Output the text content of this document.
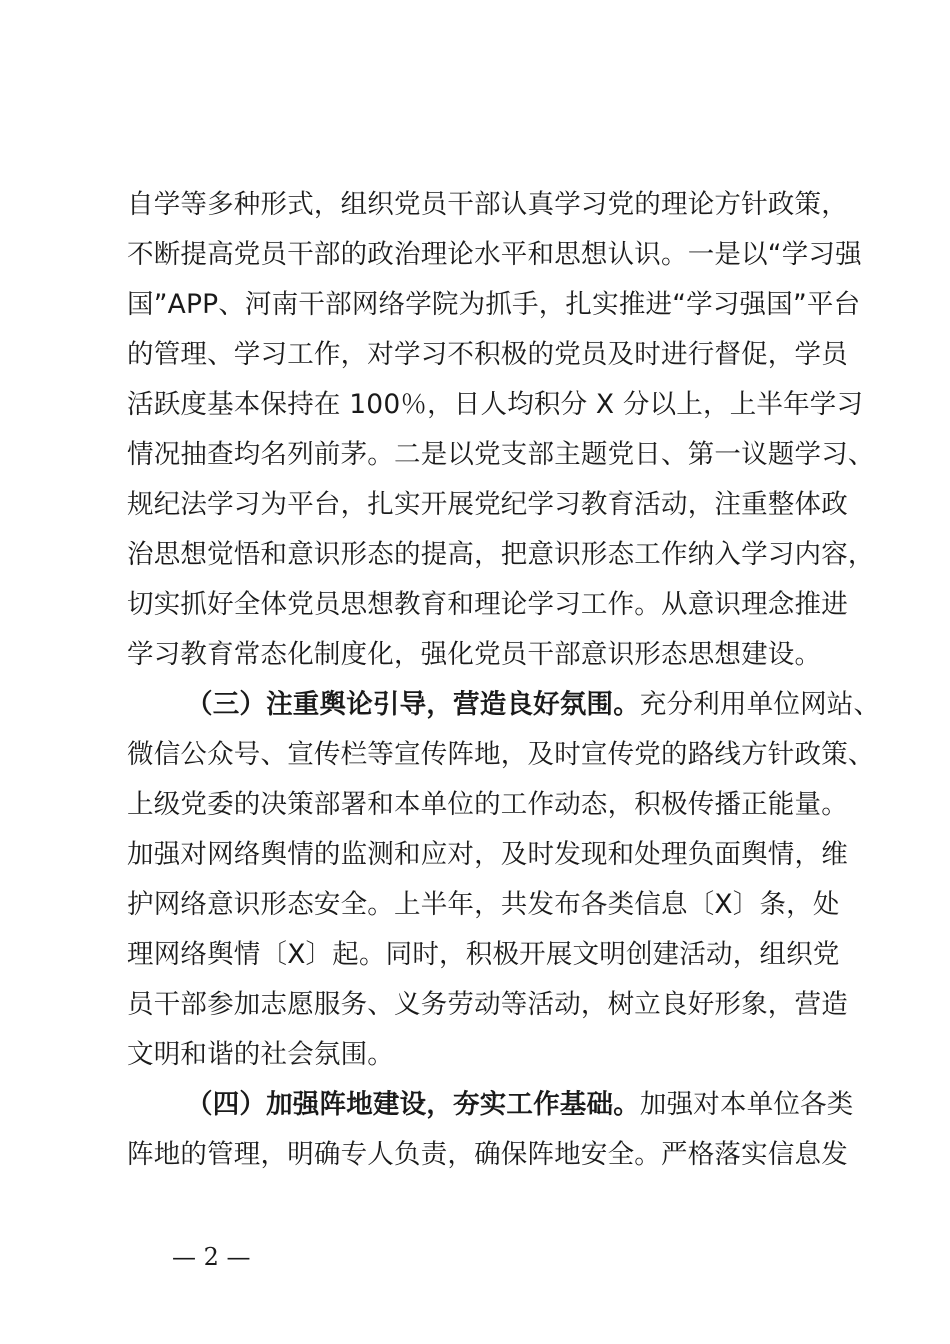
自学等多种形式，组织党员干部认真学习党的理论方针政策，
不断提高党员干部的政治理论水平和思想认识。一是以“学习强
国”APP、河南干部网络学院为抓手，扎实推进“学习强国”平台
的管理、学习工作，对学习不积极的党员及时进行督促，学员
活跃度基本保持在 100％，日人均积分 X 分以上，上半年学习
情况抽查均名列前茅。二是以党支部主题党日、第一议题学习、
规纪法学习为平台，扎实开展党纪学习教育活动，注重整体政
治思想觉悟和意识形态的提高，把意识形态工作纳入学习内容，
切实抓好全体党员思想教育和理论学习工作。从意识理念推进
学习教育常态化制度化，强化党员干部意识形态思想建设。
（三）注重舆论引导，营造良好氛围。充分利用单位网站、
微信公众号、宣传栏等宣传阵地，及时宣传党的路线方针政策、
上级党委的决策部署和本单位的工作动态，积极传播正能量。
加强对网络舆情的监测和应对，及时发现和处理负面舆情，维
护网络意识形态安全。上半年，共发布各类信息〔X〕条，处
理网络舆情〔X〕起。同时，积极开展文明创建活动，组织党
员干部参加志愿服务、义务劳动等活动，树立良好形象，营造
文明和谐的社会氛围。
（四）加强阵地建设，夯实工作基础。加强对本单位各类
阵地的管理，明确专人负责，确保阵地安全。严格落实信息发
— 2 —
